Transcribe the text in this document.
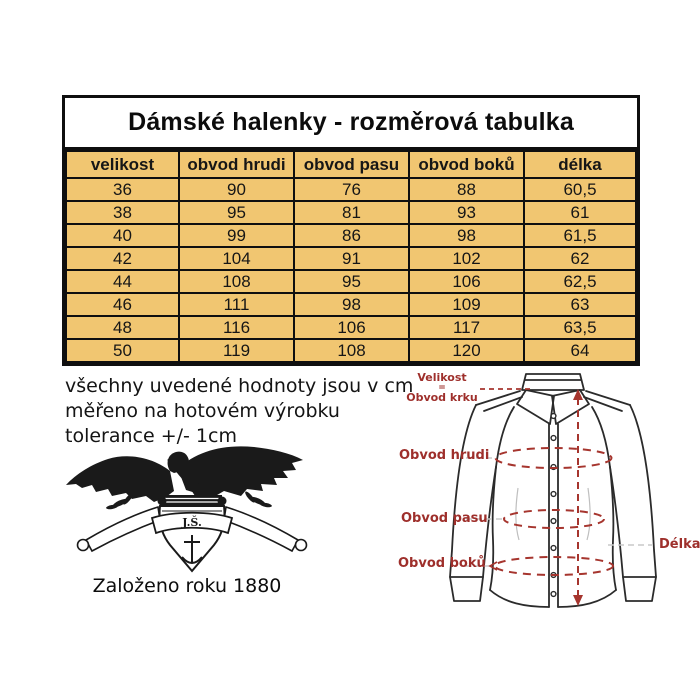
Dámské halenky - rozměrová tabulka
velikost	obvod hrudi	obvod pasu	obvod boků	délka
36	90	76	88	60,5
38	95	81	93	61
40	99	86	98	61,5
42	104	91	102	62
44	108	95	106	62,5
46	111	98	109	63
48	116	106	117	63,5
50	119	108	120	64
všechny uvedené hodnoty jsou v cm
měřeno na hotovém výrobku
tolerance +/- 1cm
J.Š.
Založeno roku 1880
Velikost
=
Obvod krku
Obvod hrudi
Obvod pasu
Obvod boků
Délka
